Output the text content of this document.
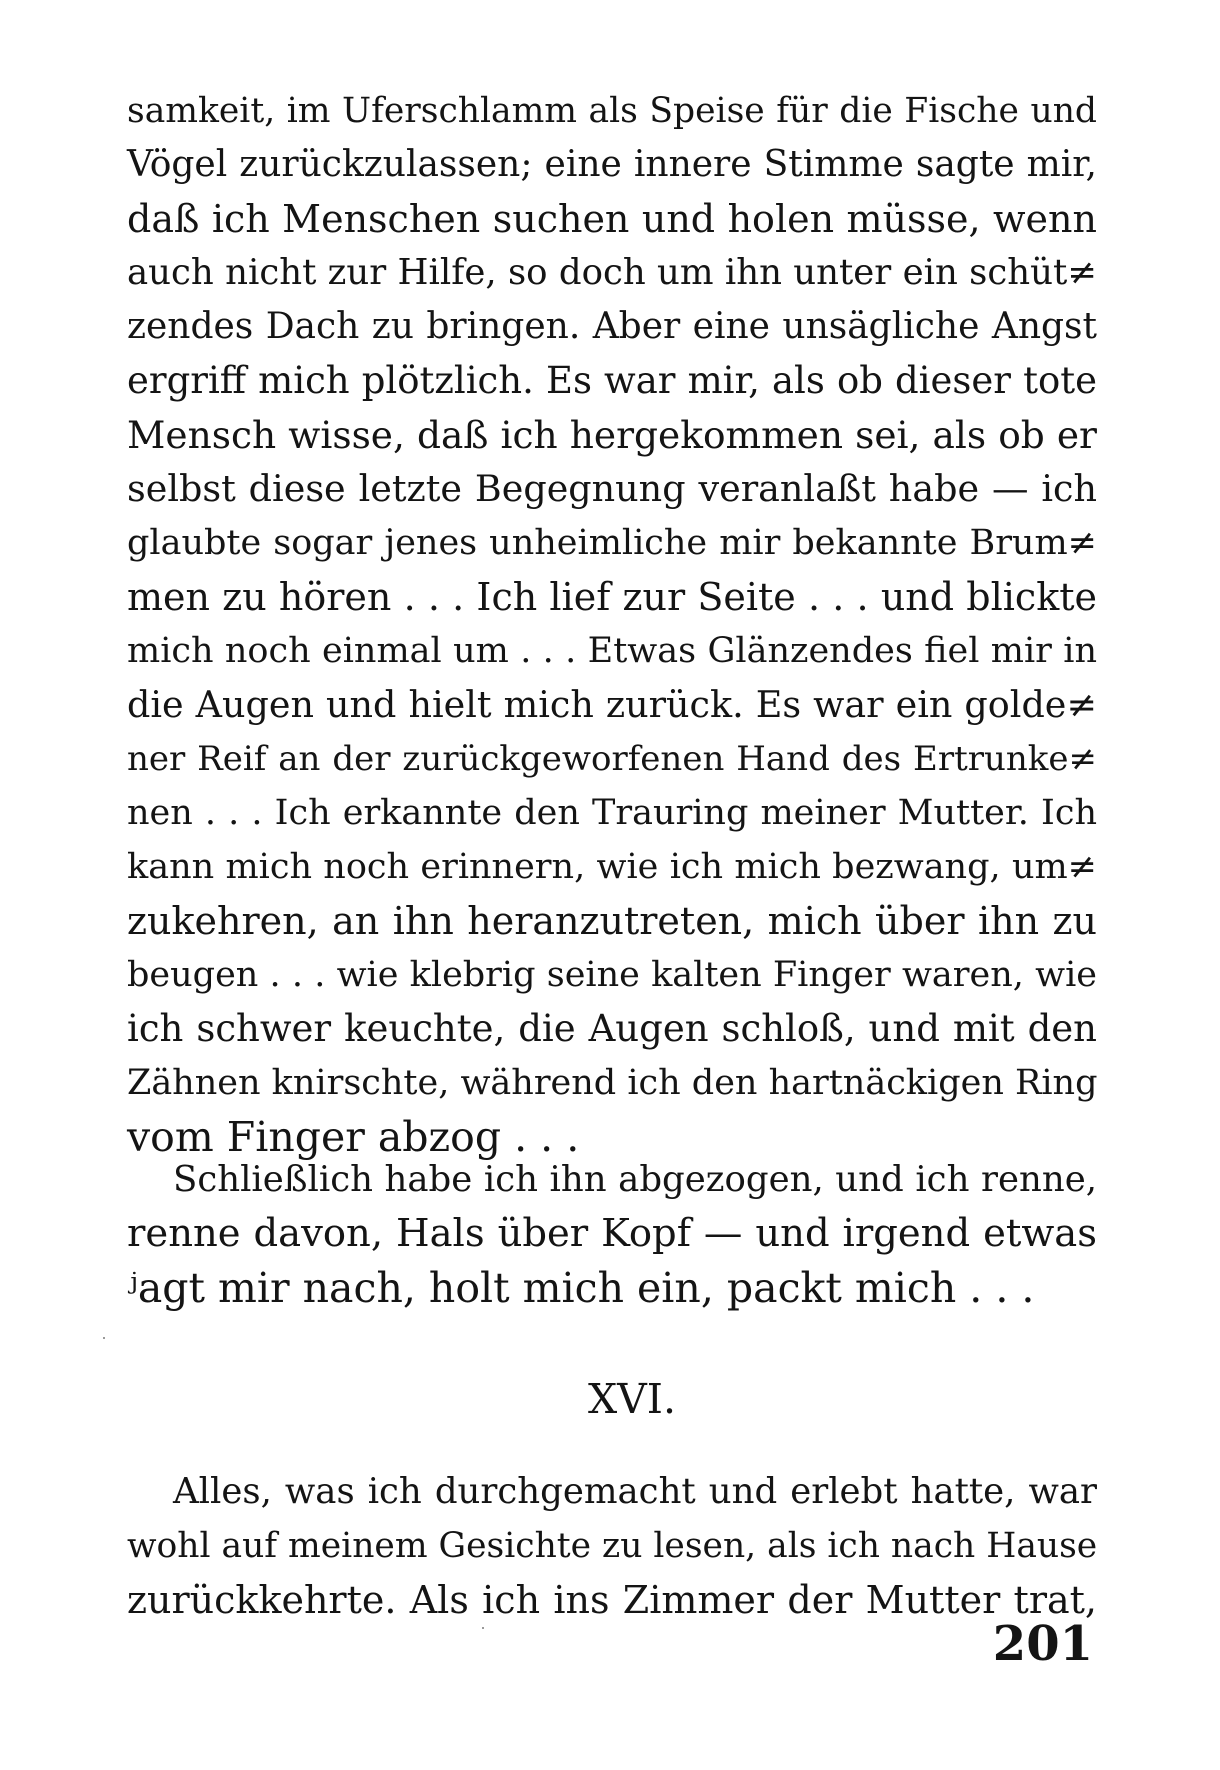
samkeit, im Uferschlamm als Speise für die Fische und
Vögel zurückzulassen; eine innere Stimme sagte mir,
daß ich Menschen suchen und holen müsse, wenn
auch nicht zur Hilfe, so doch um ihn unter ein schüt≠
zendes Dach zu bringen. Aber eine unsägliche Angst
ergriff mich plötzlich. Es war mir, als ob dieser tote
Mensch wisse, daß ich hergekommen sei, als ob er
selbst diese letzte Begegnung veranlaßt habe — ich
glaubte sogar jenes unheimliche mir bekannte Brum≠
men zu hören . . . Ich lief zur Seite . . . und blickte
mich noch einmal um . . . Etwas Glänzendes fiel mir in
die Augen und hielt mich zurück. Es war ein golde≠
ner Reif an der zurückgeworfenen Hand des Ertrunke≠
nen . . . Ich erkannte den Trauring meiner Mutter. Ich
kann mich noch erinnern, wie ich mich bezwang, um≠
zukehren, an ihn heranzutreten, mich über ihn zu
beugen . . . wie klebrig seine kalten Finger waren, wie
ich schwer keuchte, die Augen schloß, und mit den
Zähnen knirschte, während ich den hartnäckigen Ring
vom Finger abzog . . .
Schließlich habe ich ihn abgezogen, und ich renne,
renne davon, Hals über Kopf — und irgend etwas
ʲagt mir nach, holt mich ein, packt mich . . .
XVI.
Alles, was ich durchgemacht und erlebt hatte, war
wohl auf meinem Gesichte zu lesen, als ich nach Hause
zurückkehrte. Als ich ins Zimmer der Mutter trat,
201
